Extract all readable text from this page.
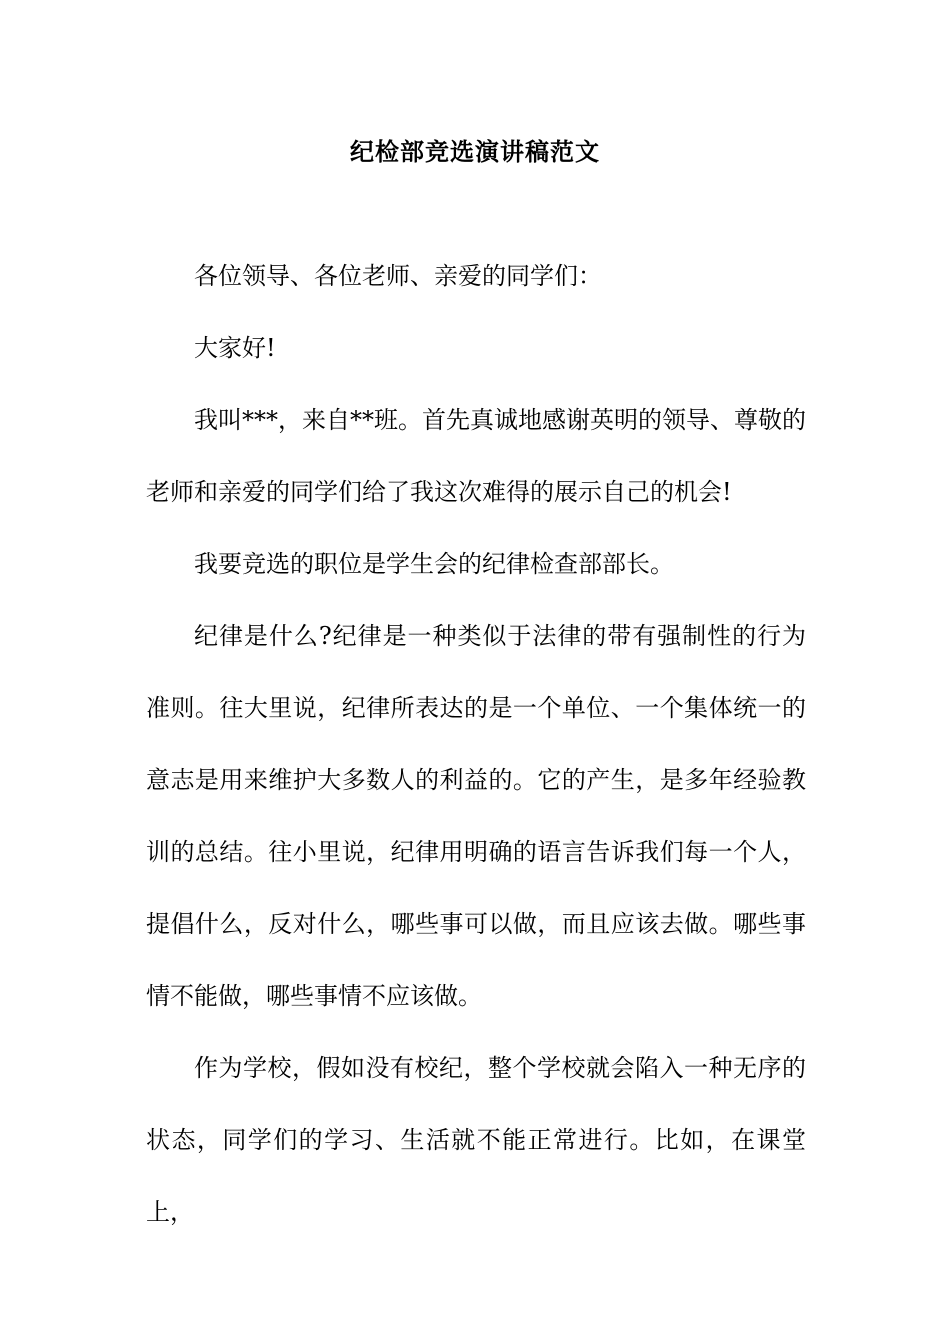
纪检部竞选演讲稿范文

各位领导、各位老师、亲爱的同学们：

大家好!

我叫***，来自**班。首先真诚地感谢英明的领导、尊敬的老师和亲爱的同学们给了我这次难得的展示自己的机会!

我要竞选的职位是学生会的纪律检查部部长。

纪律是什么?纪律是一种类似于法律的带有强制性的行为准则。往大里说，纪律所表达的是一个单位、一个集体统一的意志是用来维护大多数人的利益的。它的产生，是多年经验教训的总结。往小里说，纪律用明确的语言告诉我们每一个人，提倡什么，反对什么，哪些事可以做，而且应该去做。哪些事情不能做，哪些事情不应该做。

作为学校，假如没有校纪，整个学校就会陷入一种无序的状态，同学们的学习、生活就不能正常进行。比如，在课堂上，
